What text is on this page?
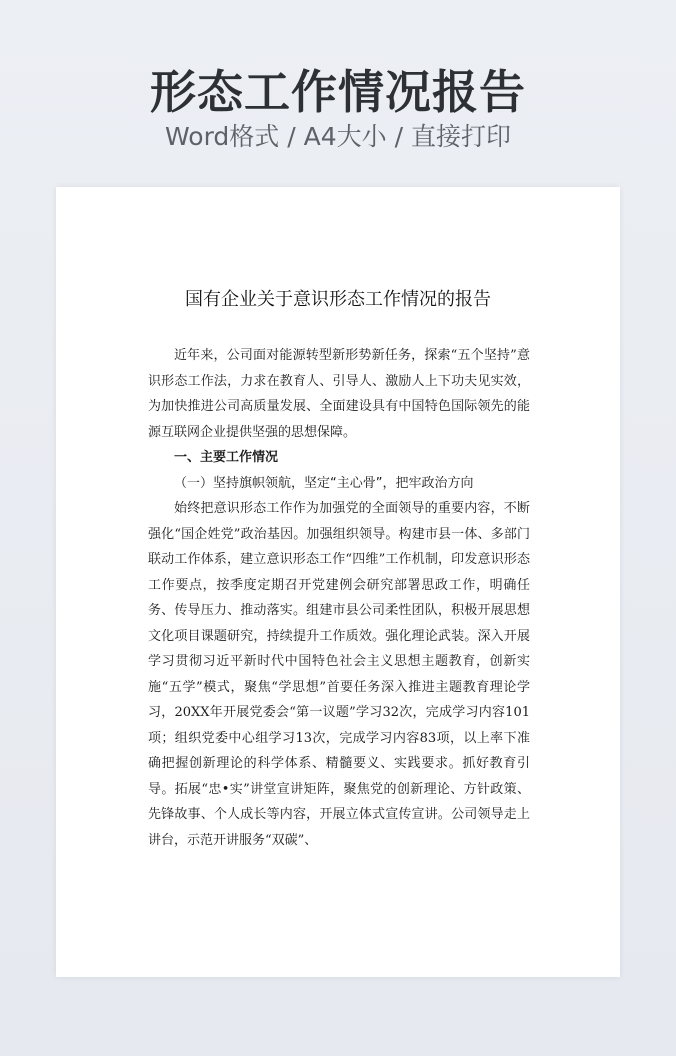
形态工作情况报告
Word格式 / A4大小 / 直接打印
国有企业关于意识形态工作情况的报告

近年来，公司面对能源转型新形势新任务，探索“五个坚持”意识形态工作法，力求在教育人、引导人、激励人上下功夫见实效，为加快推进公司高质量发展、全面建设具有中国特色国际领先的能源互联网企业提供坚强的思想保障。

一、主要工作情况

（一）坚持旗帜领航，坚定“主心骨”，把牢政治方向

始终把意识形态工作作为加强党的全面领导的重要内容，不断强化“国企姓党”政治基因。加强组织领导。构建市县一体、多部门联动工作体系，建立意识形态工作“四维”工作机制，印发意识形态工作要点，按季度定期召开党建例会研究部署思政工作，明确任务、传导压力、推动落实。组建市县公司柔性团队，积极开展思想文化项目课题研究，持续提升工作质效。强化理论武装。深入开展学习贯彻习近平新时代中国特色社会主义思想主题教育，创新实施“五学”模式，聚焦“学思想”首要任务深入推进主题教育理论学习，20XX年开展党委会“第一议题”学习32次，完成学习内容101项；组织党委中心组学习13次，完成学习内容83项，以上率下准确把握创新理论的科学体系、精髓要义、实践要求。抓好教育引导。拓展“忠•实”讲堂宣讲矩阵，聚焦党的创新理论、方针政策、先锋故事、个人成长等内容，开展立体式宣传宣讲。公司领导走上讲台，示范开讲服务“双碳”、
